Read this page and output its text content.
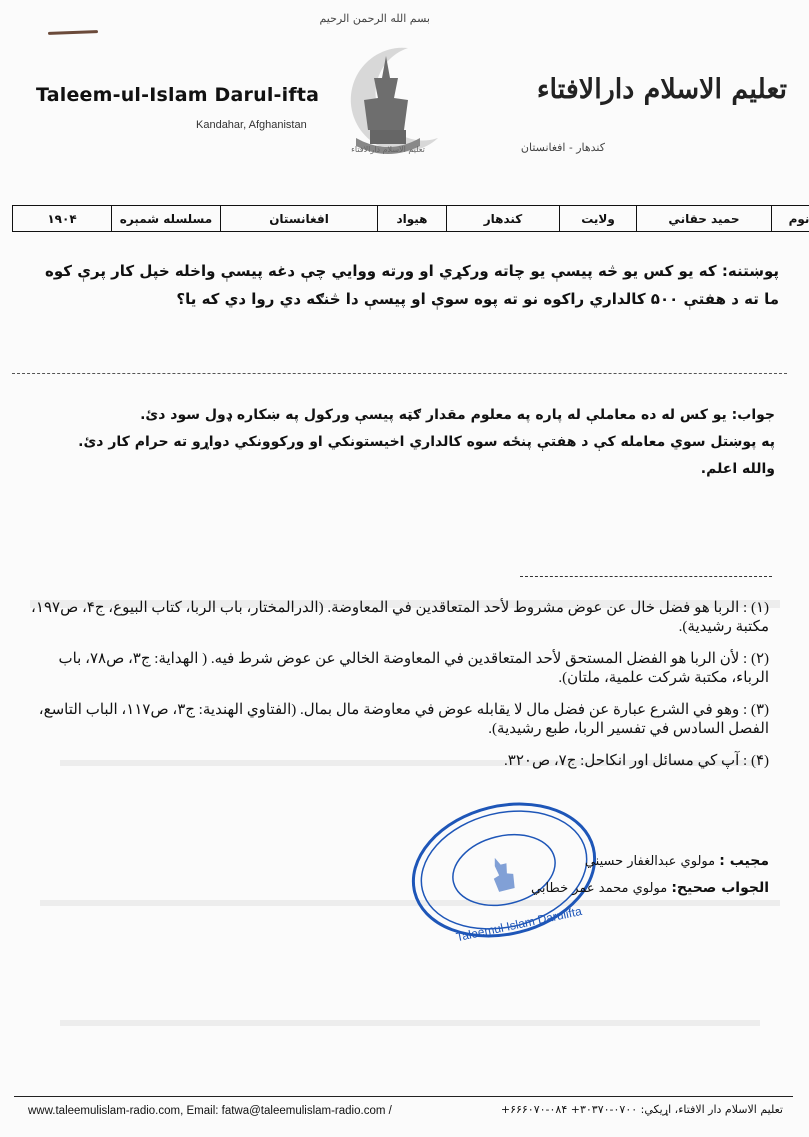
بسم الله الرحمن الرحيم
تعلیم الاسلام دارالافتاء
Taleem-ul-Islam Darul-ifta
Kandahar, Afghanistan
تعلیم الاسلام دارالافتاء
کندهار - افغانستان
نوم	حميد حقاني	ولايت	كندهار	هيواد	افغانستان	مسلسله شمېره	۱۹۰۴
پوښتنه: كه يو كس يو څه پيسې يو چاته وركړي او ورته ووايي چې دغه پيسې واخله خپل كار پرې كوه ما ته د هفتې ۵۰۰ كالداري راكوه نو ته پوه سوې او پيسې دا څنګه دي روا دي كه يا؟

جواب: يو كس له ده معاملې له پاره په معلوم مقدار ګټه پيسې وركول په ښكاره ډول سود دئ.

په پوښتل سوي معامله كې د هفتې پنځه سوه كالداري اخيستونكي او وركوونكي دواړو ته حرام كار دئ.

والله اعلم.

(۱) : الربا هو فضل خال عن عوض مشروط لأحد المتعاقدين في المعاوضة. (الدرالمختار، باب الربا، كتاب البيوع، ج۴، ص۱۹۷، مكتبة رشيدية).

(۲) : لأن الربا هو الفضل المستحق لأحد المتعاقدين في المعاوضة الخالي عن عوض شرط فيه. ( الهداية: ج۳، ص۷۸، باب الرباء، مكتبة شركت علمية، ملتان).

(۳) : وهو في الشرع عبارة عن فضل مال لا يقابله عوض في معاوضة مال بمال. (الفتاوي الهندية: ج۳، ص۱۱۷، الباب التاسع، الفصل السادس في تفسير الربا، طبع رشيدية).

(۴) : آپ كي مسائل اور انكاحل: ج۷، ص۳۲۰.

Taleemul Islam Darulifta
مجيب : مولوي عبدالغفار حسيني
الجواب صحيح: مولوي محمد عمر خطابي
www.taleemulislam-radio.com, Email: fatwa@taleemulislam-radio.com /	تعليم الاسلام دار الافتاء، اړيكي: ۰۷۰۰-۳۰۳۷۰+ ۰۸۴-۶۶۶۰۷۰+
